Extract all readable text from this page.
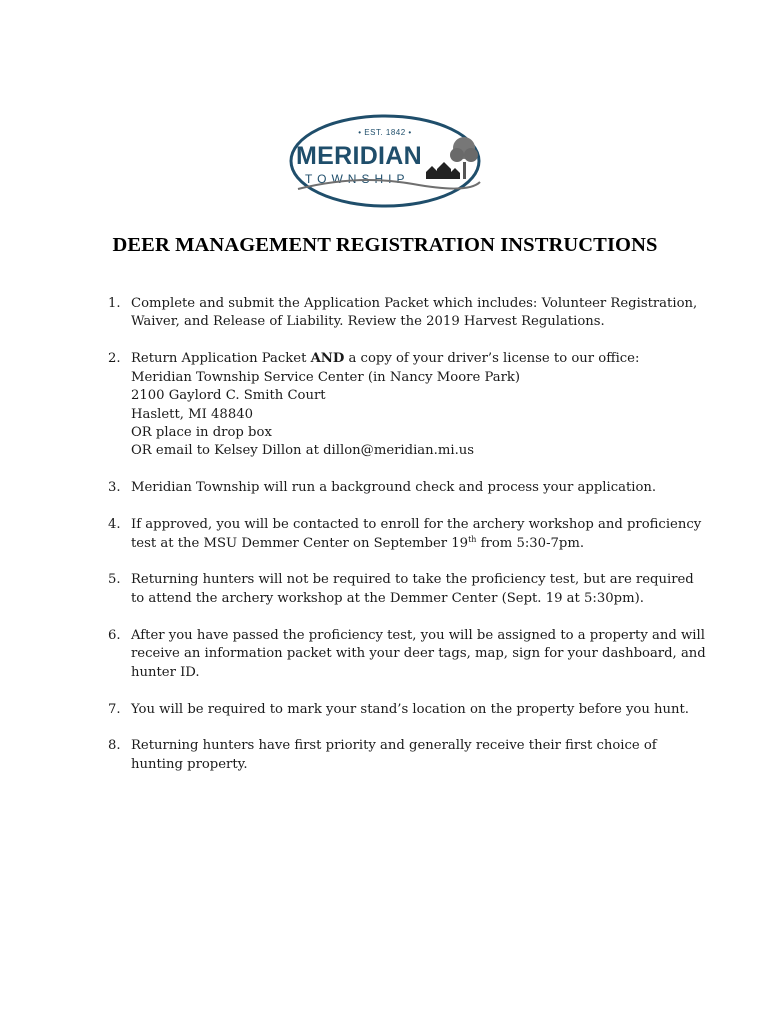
• EST. 1842 •
MERIDIAN
TOWNSHIP
DEER MANAGEMENT REGISTRATION INSTRUCTIONS
1. Complete and submit the Application Packet which includes: Volunteer Registration,
Waiver, and Release of Liability. Review the 2019 Harvest Regulations.
2. Return Application Packet AND a copy of your driver’s license to our office:
Meridian Township Service Center (in Nancy Moore Park)
2100 Gaylord C. Smith Court
Haslett, MI 48840
OR place in drop box
OR email to Kelsey Dillon at dillon@meridian.mi.us
3. Meridian Township will run a background check and process your application.
4. If approved, you will be contacted to enroll for the archery workshop and proficiency
test at the MSU Demmer Center on September 19th from 5:30-7pm.
5. Returning hunters will not be required to take the proficiency test, but are required
to attend the archery workshop at the Demmer Center (Sept. 19 at 5:30pm).
6. After you have passed the proficiency test, you will be assigned to a property and will
receive an information packet with your deer tags, map, sign for your dashboard, and
hunter ID.
7. You will be required to mark your stand’s location on the property before you hunt.
8. Returning hunters have first priority and generally receive their first choice of
hunting property.
